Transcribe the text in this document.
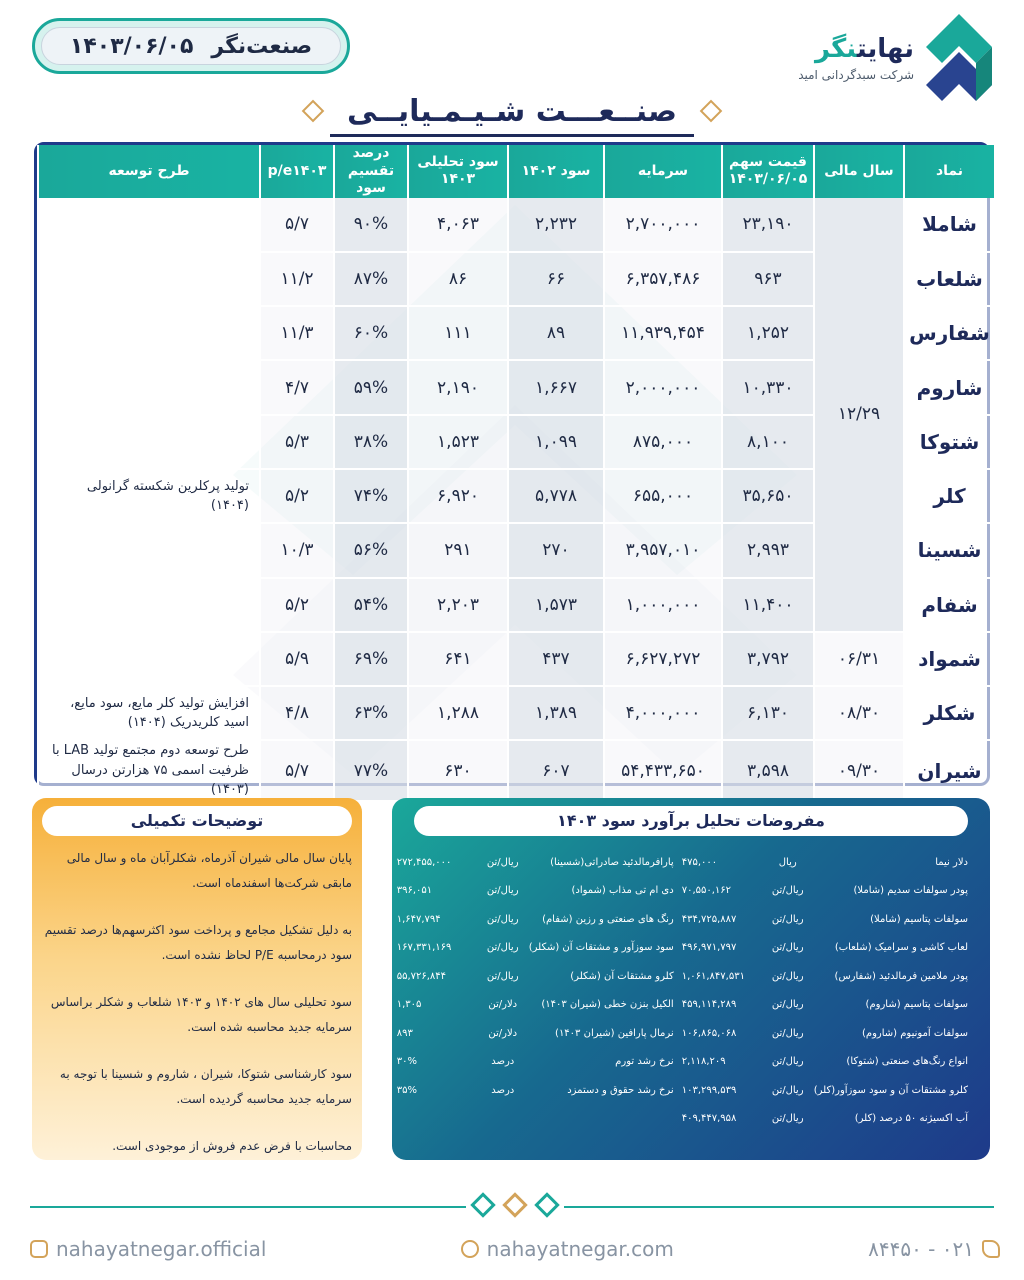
۱۴۰۳/۰۶/۰۵ صنعت‌نگر	نهایتنگر
شرکت سبدگردانی امید
صنــعـــت شـیـمـیایــی
نماد	سال مالی	قیمت سهم
۱۴۰۳/۰۶/۰۵	سرمایه	سود ۱۴۰۲	سود تحلیلی
۱۴۰۳	درصد
تقسیم سود	p/e۱۴۰۳	طرح توسعه
شاملا	۱۲/۲۹	۲۳,۱۹۰	۲,۷۰۰,۰۰۰	۲,۲۳۲	۴,۰۶۳	۹۰%	۵/۷	
شلعاب		۹۶۳	۶,۳۵۷,۴۸۶	۶۶	۸۶	۸۷%	۱۱/۲	
شفارس		۱,۲۵۲	۱۱,۹۳۹,۴۵۴	۸۹	۱۱۱	۶۰%	۱۱/۳	
شاروم		۱۰,۳۳۰	۲,۰۰۰,۰۰۰	۱,۶۶۷	۲,۱۹۰	۵۹%	۴/۷	
شتوکا		۸,۱۰۰	۸۷۵,۰۰۰	۱,۰۹۹	۱,۵۲۳	۳۸%	۵/۳	
کلر		۳۵,۶۵۰	۶۵۵,۰۰۰	۵,۷۷۸	۶,۹۲۰	۷۴%	۵/۲	تولید پرکلرین شکسته گرانولی (۱۴۰۴)
شسینا		۲,۹۹۳	۳,۹۵۷,۰۱۰	۲۷۰	۲۹۱	۵۶%	۱۰/۳	
شفام		۱۱,۴۰۰	۱,۰۰۰,۰۰۰	۱,۵۷۳	۲,۲۰۳	۵۴%	۵/۲	
شمواد	۰۶/۳۱	۳,۷۹۲	۶,۶۲۷,۲۷۲	۴۳۷	۶۴۱	۶۹%	۵/۹	
شکلر	۰۸/۳۰	۶,۱۳۰	۴,۰۰۰,۰۰۰	۱,۳۸۹	۱,۲۸۸	۶۳%	۴/۸	افزایش تولید کلر مایع، سود مایع، اسید کلریدریک (۱۴۰۴)
شیران	۰۹/۳۰	۳,۵۹۸	۵۴,۴۳۳,۶۵۰	۶۰۷	۶۳۰	۷۷%	۵/۷	طرح توسعه دوم مجتمع تولید LAB با ظرفیت اسمی ۷۵ هزارتن درسال (۱۴۰۳)
توضیحات تکمیلی
پایان سال مالی شیران آذرماه، شکلرآبان ماه و سال مالی مابقی شرکت‌ها اسفندماه است.
به دلیل تشکیل مجامع و پرداخت سود اکثرسهم‌ها درصد تقسیم سود درمحاسبه P/E لحاظ نشده است.
سود تحلیلی سال های ۱۴۰۲ و ۱۴۰۳ شلعاب و شکلر براساس سرمایه جدید محاسبه شده است.
سود کارشناسی شتوکا، شیران ، شاروم و شسینا با توجه به سرمایه جدید محاسبه گردیده است.
محاسبات با فرض عدم فروش از موجودی است.
مفروضات تحلیل برآورد سود ۱۴۰۳
دلار نیما
ریال
۴۷۵,۰۰۰
پودر سولفات سدیم (شاملا)
ریال/تن
۷۰,۵۵۰,۱۶۲
سولفات پتاسیم (شاملا)
ریال/تن
۴۳۴,۷۲۵,۸۸۷
لعاب کاشی و سرامیک (شلعاب)
ریال/تن
۴۹۶,۹۷۱,۷۹۷
پودر ملامین فرمالدئید (شفارس)
ریال/تن
۱,۰۶۱,۸۴۷,۵۳۱
سولفات پتاسیم (شاروم)
ریال/تن
۴۵۹,۱۱۴,۲۸۹
سولفات آمونیوم (شاروم)
ریال/تن
۱۰۶,۸۶۵,۰۶۸
انواع رنگ‌های صنعتی (شتوکا)
ریال/تن
۲,۱۱۸,۲۰۹
کلرو مشتقات آن و سود سوزآور(کلر)
ریال/تن
۱۰۳,۲۹۹,۵۳۹
آب اکسیژنه ۵۰ درصد (کلر)
ریال/تن
۴۰۹,۴۴۷,۹۵۸
پارافرمالدئید صادراتی(شسینا)
ریال/تن
۲۷۲,۴۵۵,۰۰۰
دی ام تی مذاب (شمواد)
ریال/تن
۳۹۶,۰۵۱
رنگ های صنعتی و رزین (شفام)
ریال/تن
۱,۶۴۷,۷۹۴
سود سوزآور و مشتقات آن (شکلر)
ریال/تن
۱۶۷,۳۳۱,۱۶۹
کلرو مشتقات آن (شکلر)
ریال/تن
۵۵,۷۲۶,۸۴۴
الکیل بنزن خطی (شیران ۱۴۰۳)
دلار/تن
۱,۳۰۵
نرمال پارافین (شیران ۱۴۰۳)
دلار/تن
۸۹۳
نرخ رشد تورم
درصد
۳۰%
نرخ رشد حقوق و دستمزد
درصد
۳۵%
nahayatnegar.official	nahayatnegar.com	۰۲۱ - ۸۴۴۵۰
